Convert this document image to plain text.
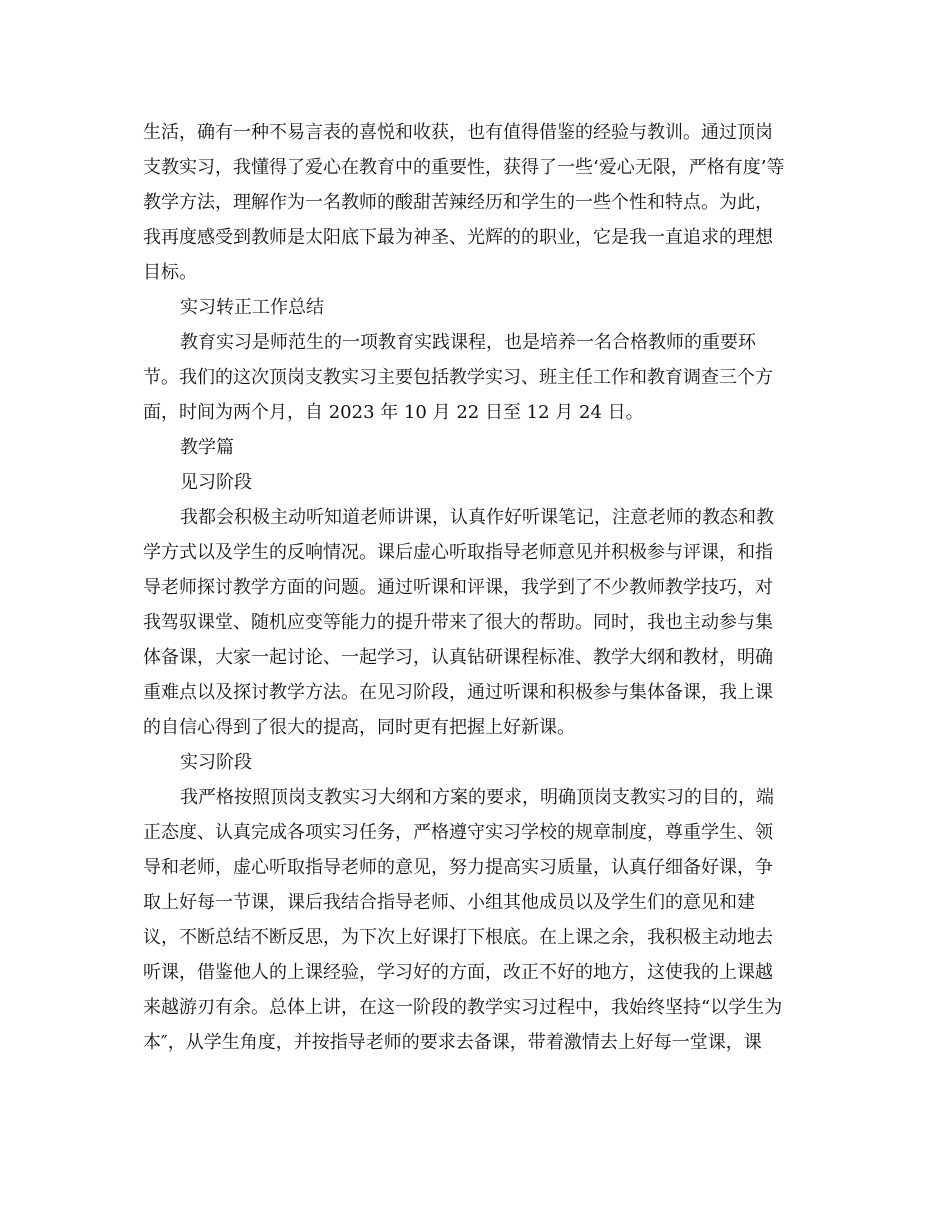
生活，确有一种不易言表的喜悦和收获，也有值得借鉴的经验与教训。通过顶岗
支教实习，我懂得了爱心在教育中的重要性，获得了一些‘爱心无限，严格有度’等
教学方法，理解作为一名教师的酸甜苦辣经历和学生的一些个性和特点。为此，
我再度感受到教师是太阳底下最为神圣、光辉的的职业，它是我一直追求的理想
目标。
实习转正工作总结
教育实习是师范生的一项教育实践课程，也是培养一名合格教师的重要环
节。我们的这次顶岗支教实习主要包括教学实习、班主任工作和教育调查三个方
面，时间为两个月，自 2023 年 10 月 22 日至 12 月 24 日。
教学篇
见习阶段
我都会积极主动听知道老师讲课，认真作好听课笔记，注意老师的教态和教
学方式以及学生的反响情况。课后虚心听取指导老师意见并积极参与评课，和指
导老师探讨教学方面的问题。通过听课和评课，我学到了不少教师教学技巧，对
我驾驭课堂、随机应变等能力的提升带来了很大的帮助。同时，我也主动参与集
体备课，大家一起讨论、一起学习，认真钻研课程标准、教学大纲和教材，明确
重难点以及探讨教学方法。在见习阶段，通过听课和积极参与集体备课，我上课
的自信心得到了很大的提高，同时更有把握上好新课。
实习阶段
我严格按照顶岗支教实习大纲和方案的要求，明确顶岗支教实习的目的，端
正态度、认真完成各项实习任务，严格遵守实习学校的规章制度，尊重学生、领
导和老师，虚心听取指导老师的意见，努力提高实习质量，认真仔细备好课，争
取上好每一节课，课后我结合指导老师、小组其他成员以及学生们的意见和建
议，不断总结不断反思，为下次上好课打下根底。在上课之余，我积极主动地去
听课，借鉴他人的上课经验，学习好的方面，改正不好的地方，这使我的上课越
来越游刃有余。总体上讲，在这一阶段的教学实习过程中，我始终坚持“以学生为
本″，从学生角度，并按指导老师的要求去备课，带着激情去上好每一堂课，课
